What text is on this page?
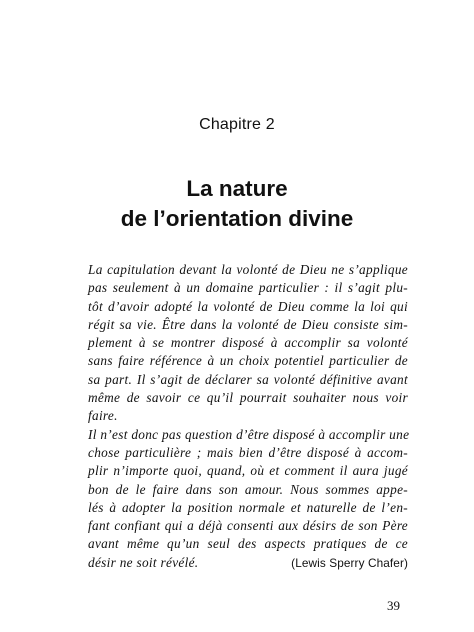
Chapitre 2
La nature
de l’orientation divine
La capitulation devant la volonté de Dieu ne s’applique
pas seulement à un domaine particulier : il s’agit plu-
tôt d’avoir adopté la volonté de Dieu comme la loi qui
régit sa vie. Être dans la volonté de Dieu consiste sim-
plement à se montrer disposé à accomplir sa volonté
sans faire référence à un choix potentiel particulier de
sa part. Il s’agit de déclarer sa volonté définitive avant
même de savoir ce qu’il pourrait souhaiter nous voir
faire.
Il n’est donc pas question d’être disposé à accomplir une
chose particulière ; mais bien d’être disposé à accom-
plir n’importe quoi, quand, où et comment il aura jugé
bon de le faire dans son amour. Nous sommes appe-
lés à adopter la position normale et naturelle de l’en-
fant confiant qui a déjà consenti aux désirs de son Père
avant même qu’un seul des aspects pratiques de ce
désir ne soit révélé.	(Lewis Sperry Chafer)
39
